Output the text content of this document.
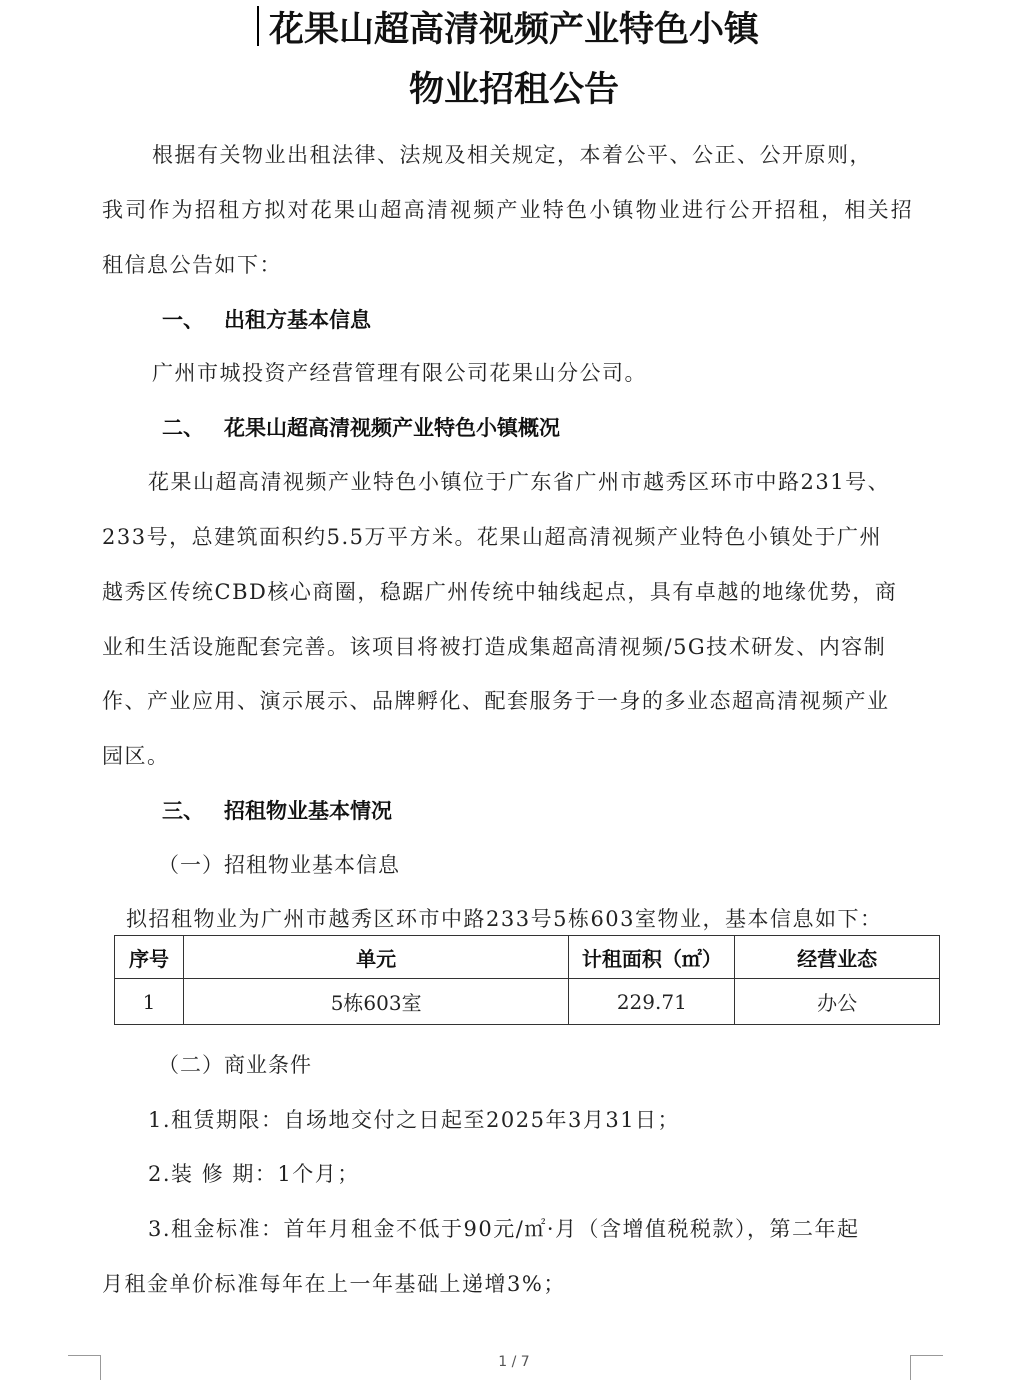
花果山超高清视频产业特色小镇
物业招租公告
根据有关物业出租法律、法规及相关规定，本着公平、公正、公开原则，
我司作为招租方拟对花果山超高清视频产业特色小镇物业进行公开招租，相关招
租信息公告如下：
一、 出租方基本信息
广州市城投资产经营管理有限公司花果山分公司。
二、 花果山超高清视频产业特色小镇概况
花果山超高清视频产业特色小镇位于广东省广州市越秀区环市中路231号、
233号，总建筑面积约5.5万平方米。花果山超高清视频产业特色小镇处于广州
越秀区传统CBD核心商圈，稳踞广州传统中轴线起点，具有卓越的地缘优势，商
业和生活设施配套完善。该项目将被打造成集超高清视频/5G技术研发、内容制
作、产业应用、演示展示、品牌孵化、配套服务于一身的多业态超高清视频产业
园区。
三、 招租物业基本情况
（一） 招租物业基本信息
拟招租物业为广州市越秀区环市中路233号5栋603室物业，基本信息如下：
序号	单元	计租面积（㎡）	经营业态
1	5栋603室	229.71	办公
（二） 商业条件
1.租赁期限：自场地交付之日起至2025年3月31日；
2.装 修 期：1个月；
3.租金标准：首年月租金不低于90元/㎡·月（含增值税税款），第二年起
月租金单价标准每年在上一年基础上递增3%；
1 / 7
